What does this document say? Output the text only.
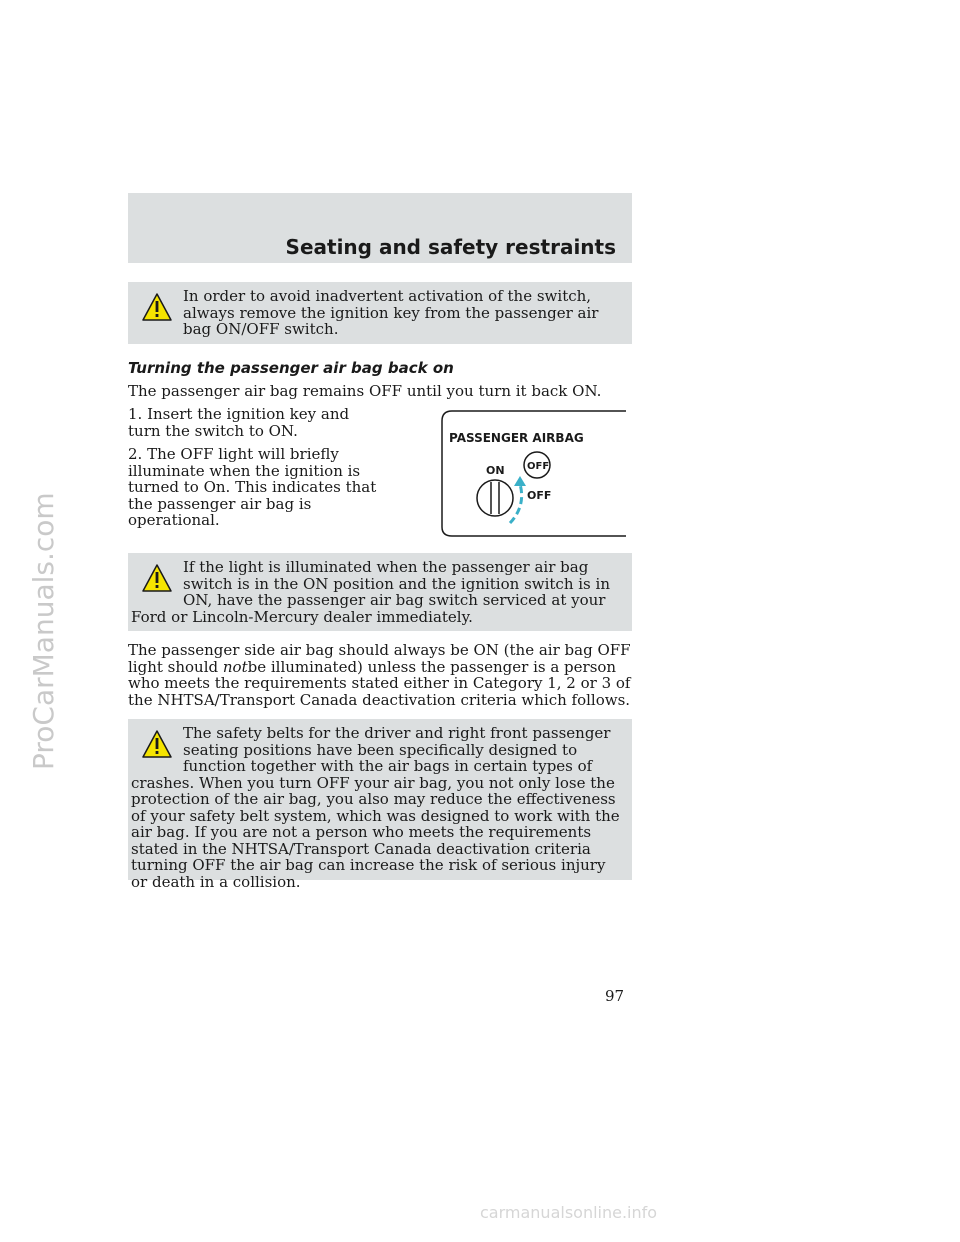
ProCarManuals.com
Seating and safety restraints

In order to avoid inadvertent activation of the switch, always remove the ignition key from the passenger air bag ON/OFF switch.

Turning the passenger air bag back on

The passenger air bag remains OFF until you turn it back ON.

1. Insert the ignition key and turn the switch to ON.

2. The OFF light will briefly illuminate when the ignition is turned to On. This indicates that the passenger air bag is operational.

PASSENGER AIRBAG
ON OFF
OFF

If the light is illuminated when the passenger air bag switch is in the ON position and the ignition switch is in ON, have the passenger air bag switch serviced at your Ford or Lincoln-Mercury dealer immediately.

The passenger side air bag should always be ON (the air bag OFF light should notbe illuminated) unless the passenger is a person who meets the requirements stated either in Category 1, 2 or 3 of the NHTSA/Transport Canada deactivation criteria which follows.

The safety belts for the driver and right front passenger seating positions have been specifically designed to function together with the air bags in certain types of crashes. When you turn OFF your air bag, you not only lose the protection of the air bag, you also may reduce the effectiveness of your safety belt system, which was designed to work with the air bag. If you are not a person who meets the requirements stated in the NHTSA/Transport Canada deactivation criteria turning OFF the air bag can increase the risk of serious injury or death in a collision.

97
carmanualsonline.info
